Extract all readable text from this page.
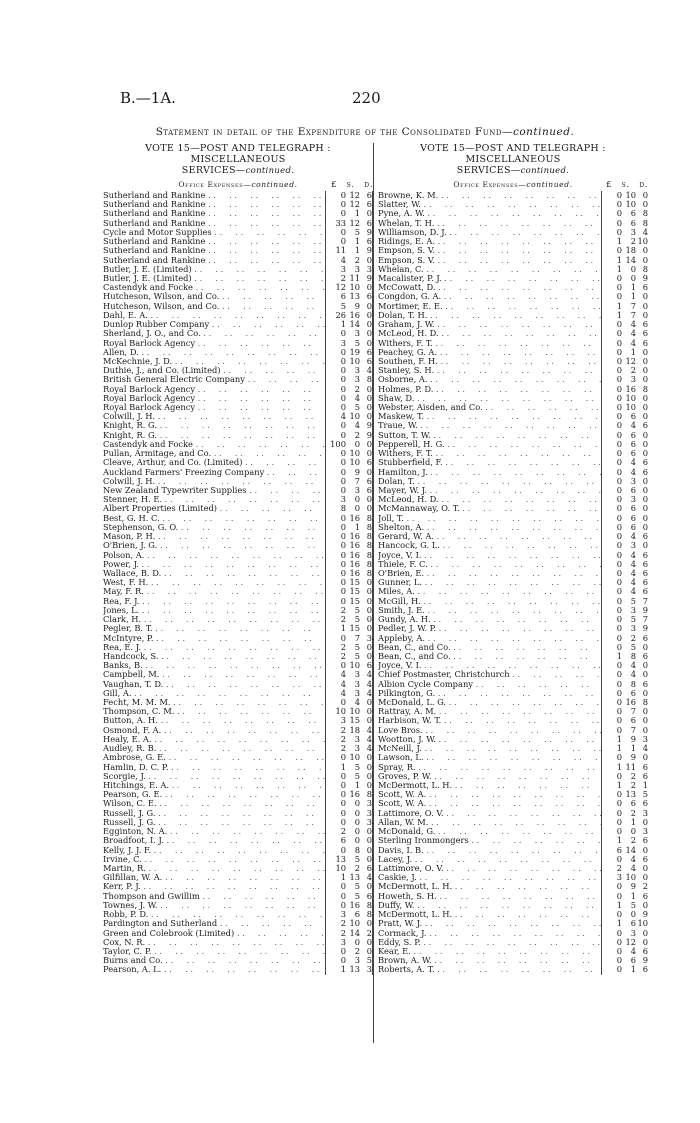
B.—1A.	220
Statement in detail of the Expenditure of the Consolidated Fund—continued.
VOTE 15—POST AND TELEGRAPH : MISCELLANEOUS
SERVICES—continued.
Office Expenses—continued.	£ s. d.
Sutherland and Rankine . .	0 12 6
Sutherland and Rankine . .	0 12 6
Sutherland and Rankine . .	0	1 0
Sutherland and Rankine . .	33 12 6
Cycle and Motor Supplies . .	0	5 9
Sutherland and Rankine . .	0	1 6
Sutherland and Rankine . .	11	1 9
Sutherland and Rankine . .	4	2 0
Butler, J. E. (Limited) . .	3	3 3
Butler, J. E. (Limited) . .	2 11 9
Castendyk and Focke . .	12 10 0
Hutcheson, Wilson, and Co. . .	6 13 6
Hutcheson, Wilson, and Co. . .	5	9 0
Dahl, E. A. . .	26 16 0
Dunlop Rubber Company . .	1 14 0
Sherland, J. O., and Co. . .	0	3 0
Royal Barlock Agency . .	3	5 0
Allen, D. . .	0 19 6
McKechnie, J. D. . .	0 10 6
Duthie, J., and Co. (Limited) . .	0	3 4
British General Electric Company . .	0	3 8
Royal Barlock Agency . .	0	2 0
Royal Barlock Agency . .	0	4 0
Royal Barlock Agency . .	0	5 0
Colwill, J. H. . .	4 10 0
Knight, R. G. . .	0	4 9
Knight, R. G. . .	0	2 9
Castendyk and Focke . .	100	0 0
Pullan, Armitage, and Co. . .	0 10 0
Cleave, Arthur, and Co. (Limited) . .	0 10 6
Auckland Farmers' Freezing Company . .	0	9 0
Colwill, J. H. . .	0	7 6
New Zealand Typewriter Supplies . .	0	3 6
Stenner, H. E. . .	3	0 0
Albert Properties (Limited) . .	8	0 0
Best, G. H. C. . .	0 16 8
Stephenson, G. O. . .	0	1 8
Mason, P. H. . .	0 16 8
O'Brien, J. G. . .	0 16 8
Polson, A. . .	0 16 8
Power, J. . .	0 16 8
Wallace, B. D. . .	0 16 8
West, F. H. . .	0 15 0
May, F. R. . .	0 15 0
Rea, F. J. . .	0 15 0
Jones, L. . .	2	5 0
Clark, H. . .	2	5 0
Pegler, B. T. . .	1 15 0
McIntyre, P. . .	0	7 3
Rea, E. J. . .	2	5 0
Handcock, S. . .	2	5 0
Banks, B. . .	0 10 6
Campbell, M. . .	4	3 4
Vaughan, T. D. . .	4	3 4
Gill, A. . .	4	3 4
Fecht, M. M. M. . .	0	4 0
Thompson, C. M. . .	10 10 0
Button, A. H. . .	3 15 0
Osmond, F. A. . .	2 18 4
Healy, E. A. . .	2	3 4
Audley, R. B. . .	2	3 4
Ambrose, G. E. . .	0 10 0
Hamlin, D. C. P. . .	1	5 0
Scorgie, J. . .	0	5 0
Hitchings, E. A. . .	0	1 0
Pearson, G. E. . .	0 16 8
Wilson, C. E. . .	0	0 3
Russell, J. G. . .	0	0 3
Russell, J. G. . .	0	0 3
Egginton, N. A. . .	2	0 0
Broadfoot, I. J. . .	6	0 0
Kelly, J. J. F. . .	0	8 0
Irvine, C. . .	13	5 0
Martin, R. . .	10	2 6
Gilfillan, W. A. . .	1 13 4
Kerr, P. J. . .	0	5 0
Thompson and Gwillim . .	0	5 6
Townes, J. W. . .	0 16 8
Robb, P. D. . .	3	6 8
Pardington and Sutherland . .	2 10 0
Green and Colebrook (Limited) . .	2 14 2
Cox, N. R. . .	3	0 0
Taylor, C. P. . .	0	2 0
Burns and Co. . .	0	3 5
Pearson, A. L. . .	1 13 3
VOTE 15—POST AND TELEGRAPH : MISCELLANEOUS
SERVICES—continued.
Office Expenses—continued.	£ s. d.
Browne, K. M. . .	0 10 0
Slatter, W. . .	0 10 0
Pyne, A. W. . .	0	6 8
Whelan, T. H. . .	0	6 8
Williamson, D. J. . .	0	3 4
Ridings, E. A. . .	1	2 10
Empson, S. V. . .	0 18 0
Empson, S. V. . .	1 14 0
Whelan, C. . .	1	0 8
Macalister, P. J. . .	0	0 9
McCowatt, D. . .	0	1 6
Congdon, G. A. . .	0	1 0
Mortimer, E. E. . .	1	7 0
Dolan, T. H. . .	1	7 0
Graham, J. W. . .	0	4 6
McLeod, H. D. . .	0	4 6
Withers, F. T. . .	0	4 6
Peachey, G. A. . .	0	1 0
Southen, F. H. . .	0 12 0
Stanley, S. H. . .	0	2 0
Osborne, A. . .	0	3 0
Holmes, P. D. . .	0 16 8
Shaw, D. . .	0 10 0
Webster, Aisden, and Co. . .	0 10 0
Maskew, T. . .	0	6 0
Traue, W. . .	0	4 6
Sutton, T. W. . .	0	6 0
Pepperell, H. G. . .	0	6 0
Withers, F. T. . .	0	6 0
Stubberfield, F. . .	0	4 6
Hamilton, J. . .	0	4 6
Dolan, T. . .	0	3 0
Mayer, W. J. . .	0	6 0
McLeod, H. D. . .	0	3 0
McMannaway, O. T. . .	0	6 0
Joll, T. . .	0	6 0
Shelton, A. . .	0	6 0
Gerard, W. A. . .	0	4 6
Hancock, G. L. . .	0	3 0
Joyce, V. I. . .	0	4 6
Thiele, F. C. . .	0	4 6
O'Brien, E. . .	0	4 6
Gunner, L. . .	0	4 6
Miles, A. . .	0	4 6
McGill, H. . .	0	5 7
Smith, J. E. . .	0	3 9
Gundy, A. H. . .	0	5 7
Pedler, J. W. P. . .	0	3 9
Appleby, A. . .	0	2 6
Bean, C., and Co. . .	0	5 0
Bean, C., and Co. . .	1	8 6
Joyce, V. I. . .	0	4 0
Chief Postmaster, Christchurch . .	0	4 0
Albion Cycle Company . .	0	8 6
Pilkington, G. . .	0	6 0
McDonald, L. G. . .	0 16 8
Rattray, A. M. . .	0	7 0
Harbison, W. T. . .	0	6 0
Love Bros. . .	0	7 0
Wootton, J. W. . .	1	9 3
McNeill, J. . .	1	1 4
Lawson, L. . .	0	9 0
Spray, R. . .	1 11 6
Groves, P. W. . .	0	2 6
McDermott, L. H. . .	1	2 1
Scott, W. A. . .	0 13 5
Scott, W. A. . .	0	6 6
Lattimore, O. V. . .	0	2 3
Allan, W. M. . .	0	1 0
McDonald, G. . .	0	0 3
Sterling Ironmongers . .	1	2 6
Davis, I. B. . .	6 14 0
Lacey, J. . .	0	4 6
Lattimore, O. V. . .	2	4 0
Caskie, J. . .	3 10 0
McDermott, L. H. . .	0	9 2
Howeth, S. H. . .	0	1 6
Duffy, W. . .	1	5 0
McDermott, L. H. . .	0	0 9
Pratt, W. J. . .	1	6 10
Cormack, J. . .	0	3 0
Eddy, S. P. . .	0 12 0
Kear, E. . .	0	4 6
Brown, A. W. . .	0	6 9
Roberts, A. T. . .	0	1 6
